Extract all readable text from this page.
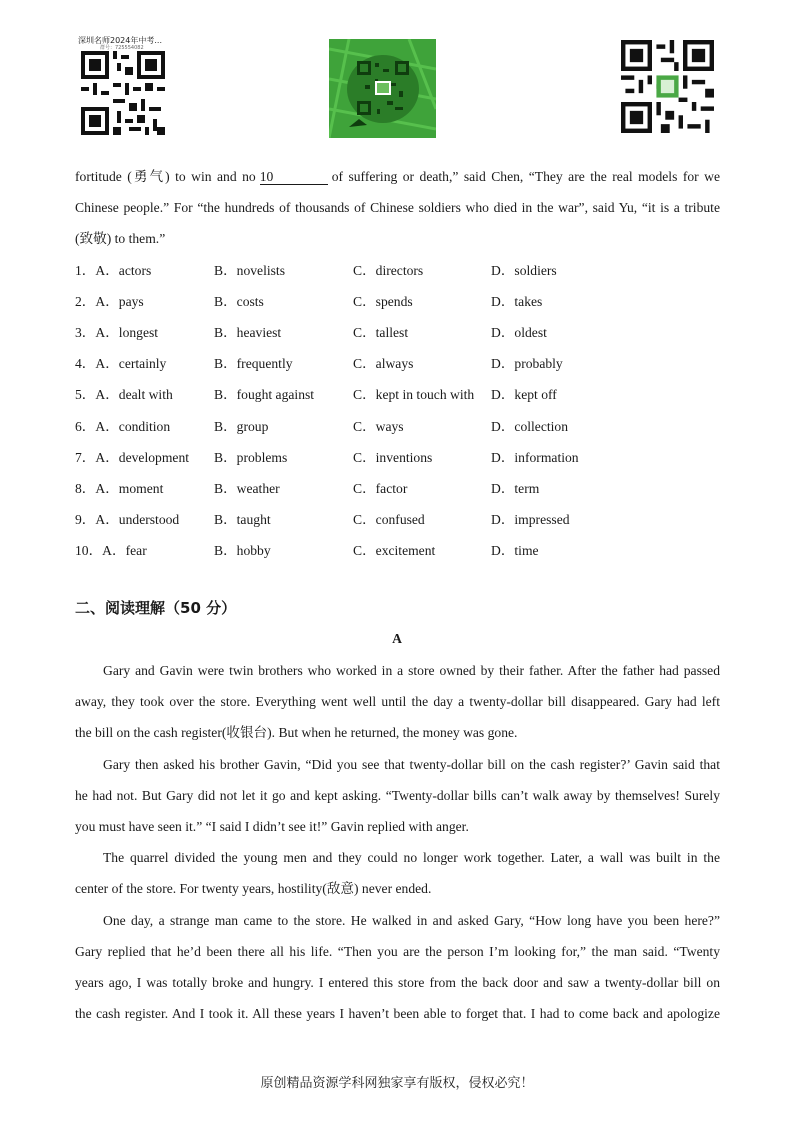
深圳名师2024年中考...
群号：725554082
fortitude (勇气) to win and no 10	of suffering or death,” said Chen, “They are the real models for we
Chinese people.” For “the hundreds of thousands of Chinese soldiers who died in the war”, said Yu, “it is a tribute
(致敬) to them.”
1．A．actors	B．novelists	C．directors	D．soldiers
2．A．pays	B．costs	C．spends	D．takes
3．A．longest	B．heaviest	C．tallest	D．oldest
4．A．certainly	B．frequently	C．always	D．probably
5．A．dealt with	B．fought against	C．kept in touch with D．kept off
6．A．condition	B．group	C．ways	D．collection
7．A．development B．problems	C．inventions	D．information
8．A．moment	B．weather	C．factor	D．term
9．A．understood	B．taught	C．confused	D．impressed
10．A．fear	B．hobby	C．excitement	D．time
二、阅读理解（50 分）
A
Gary and Gavin were twin brothers who worked in a store owned by their father. After the father had passed
away, they took over the store. Everything went well until the day a twenty-dollar bill disappeared. Gary had left
the bill on the cash register(收银台). But when he returned, the money was gone.
Gary then asked his brother Gavin, “Did you see that twenty-dollar bill on the cash register?’ Gavin said that
he had not. But Gary did not let it go and kept asking. “Twenty-dollar bills can’t walk away by themselves! Surely
you must have seen it.” “I said I didn’t see it!” Gavin replied with anger.
The quarrel divided the young men and they could no longer work together. Later, a wall was built in the
center of the store. For twenty years, hostility(敌意) never ended.
One day, a strange man came to the store. He walked in and asked Gary, “How long have you been here?”
Gary replied that he’d been there all his life. “Then you are the person I’m looking for,” the man said. “Twenty
years ago, I was totally broke and hungry. I entered this store from the back door and saw a twenty-dollar bill on
the cash register. And I took it. All these years I haven’t been able to forget that. I had to come back and apologize
原创精品资源学科网独家享有版权，侵权必究！
